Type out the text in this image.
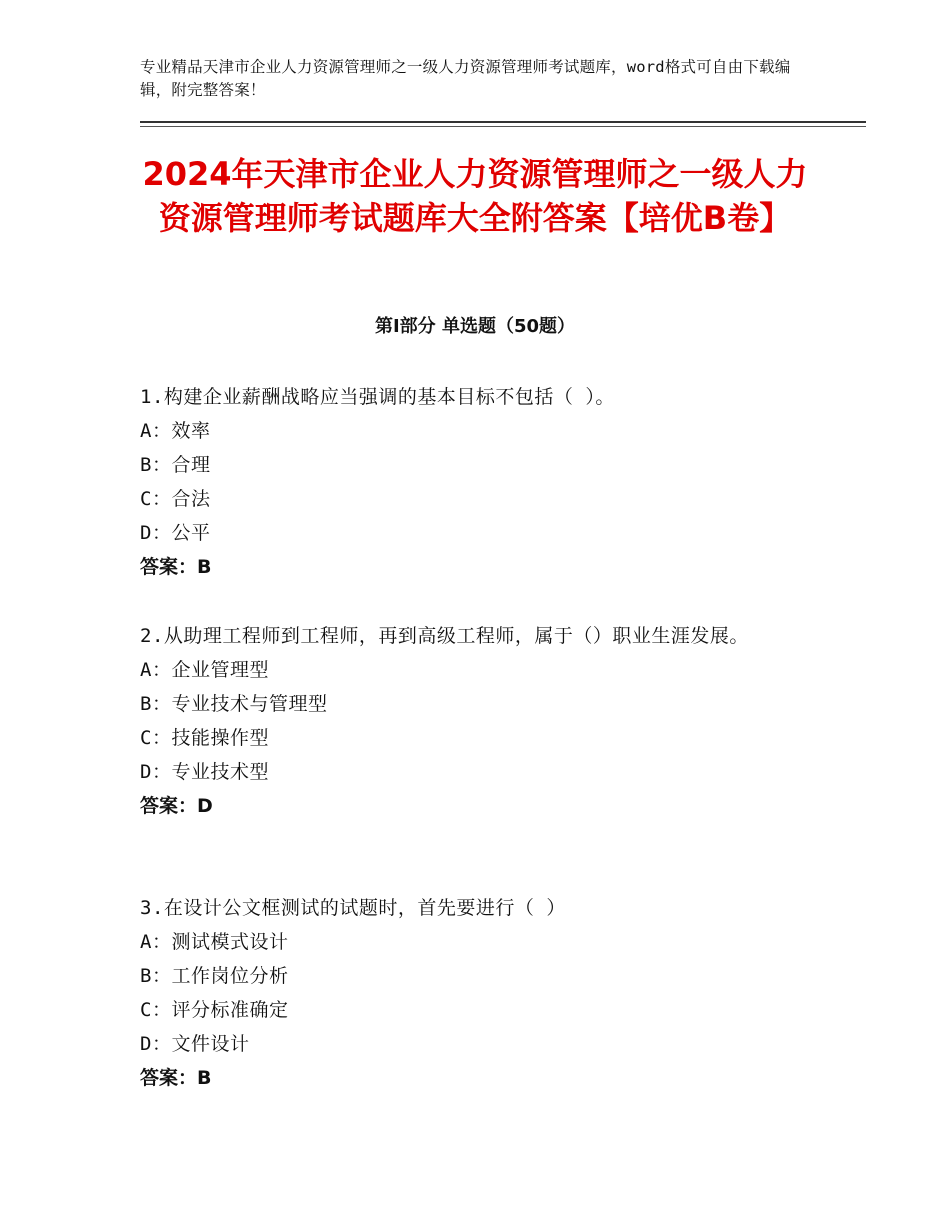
专业精品天津市企业人力资源管理师之一级人力资源管理师考试题库，word格式可自由下载编辑，附完整答案！
2024年天津市企业人力资源管理师之一级人力资源管理师考试题库大全附答案【培优B卷】
第Ⅰ部分 单选题（50题）
1.构建企业薪酬战略应当强调的基本目标不包括（ ）。
A：效率
B：合理
C：合法
D：公平
答案：B
2.从助理工程师到工程师，再到高级工程师，属于（）职业生涯发展。
A：企业管理型
B：专业技术与管理型
C：技能操作型
D：专业技术型
答案：D
3.在设计公文框测试的试题时，首先要进行（ ）
A：测试模式设计
B：工作岗位分析
C：评分标准确定
D：文件设计
答案：B
